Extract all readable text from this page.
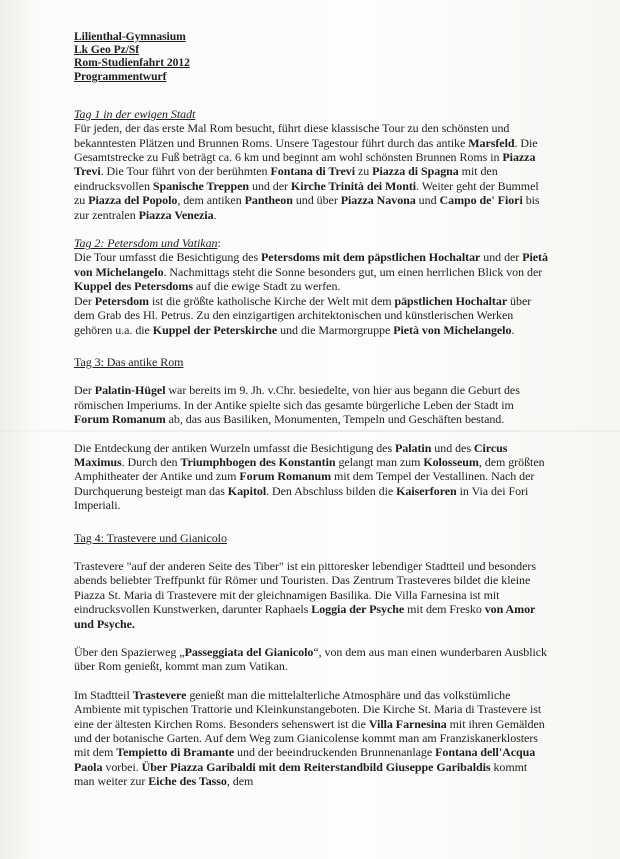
Lilienthal-Gymnasium
Lk Geo Pz/Sf
Rom-Studienfahrt 2012
Programmentwurf
Tag 1 in der ewigen Stadt

Für jeden, der das erste Mal Rom besucht, führt diese klassische Tour zu den schönsten und bekanntesten Plätzen und Brunnen Roms. Unsere Tagestour führt durch das antike Marsfeld. Die Gesamtstrecke zu Fuß beträgt ca. 6 km und beginnt am wohl schönsten Brunnen Roms in Piazza Trevi. Die Tour führt von der berühmten Fontana di Trevi zu Piazza di Spagna mit den eindrucksvollen Spanische Treppen und der Kirche Trinità dei Monti. Weiter geht der Bummel zu Piazza del Popolo, dem antiken Pantheon und über Piazza Navona und Campo de' Fiori bis zur zentralen Piazza Venezia.

Tag 2: Petersdom und Vatikan:

Die Tour umfasst die Besichtigung des Petersdoms mit dem päpstlichen Hochaltar und der Pietà von Michelangelo. Nachmittags steht die Sonne besonders gut, um einen herrlichen Blick von der Kuppel des Petersdoms auf die ewige Stadt zu werfen.

Der Petersdom ist die größte katholische Kirche der Welt mit dem päpstlichen Hochaltar über dem Grab des Hl. Petrus. Zu den einzigartigen architektonischen und künstlerischen Werken gehören u.a. die Kuppel der Peterskirche und die Marmorgruppe Pietà von Michelangelo.

Tag 3: Das antike Rom

Der Palatin-Hügel war bereits im 9. Jh. v.Chr. besiedelte, von hier aus begann die Geburt des römischen Imperiums. In der Antike spielte sich das gesamte bürgerliche Leben der Stadt im Forum Romanum ab, das aus Basiliken, Monumenten, Tempeln und Geschäften bestand.

Die Entdeckung der antiken Wurzeln umfasst die Besichtigung des Palatin und des Circus Maximus. Durch den Triumphbogen des Konstantin gelangt man zum Kolosseum, dem größten Amphitheater der Antike und zum Forum Romanum mit dem Tempel der Vestallinen. Nach der Durchquerung besteigt man das Kapitol. Den Abschluss bilden die Kaiserforen in Via dei Fori Imperiali.

Tag 4: Trastevere und Gianicolo

Trastevere "auf der anderen Seite des Tiber" ist ein pittoresker lebendiger Stadtteil und besonders abends beliebter Treffpunkt für Römer und Touristen. Das Zentrum Trasteveres bildet die kleine Piazza St. Maria di Trastevere mit der gleichnamigen Basilika. Die Villa Farnesina ist mit eindrucksvollen Kunstwerken, darunter Raphaels Loggia der Psyche mit dem Fresko von Amor und Psyche.

Über den Spazierweg „Passeggiata del Gianicolo“, von dem aus man einen wunderbaren Ausblick über Rom genießt, kommt man zum Vatikan.

Im Stadtteil Trastevere genießt man die mittelalterliche Atmosphäre und das volkstümliche Ambiente mit typischen Trattorie und Kleinkunstangeboten. Die Kirche St. Maria di Trastevere ist eine der ältesten Kirchen Roms. Besonders sehenswert ist die Villa Farnesina mit ihren Gemälden und der botanische Garten. Auf dem Weg zum Gianicolense kommt man am Franziskanerklosters mit dem Tempietto di Bramante und der beeindruckenden Brunnenanlage Fontana dell'Acqua Paola vorbei. Über Piazza Garibaldi mit dem Reiterstandbild Giuseppe Garibaldis kommt man weiter zur Eiche des Tasso, dem
